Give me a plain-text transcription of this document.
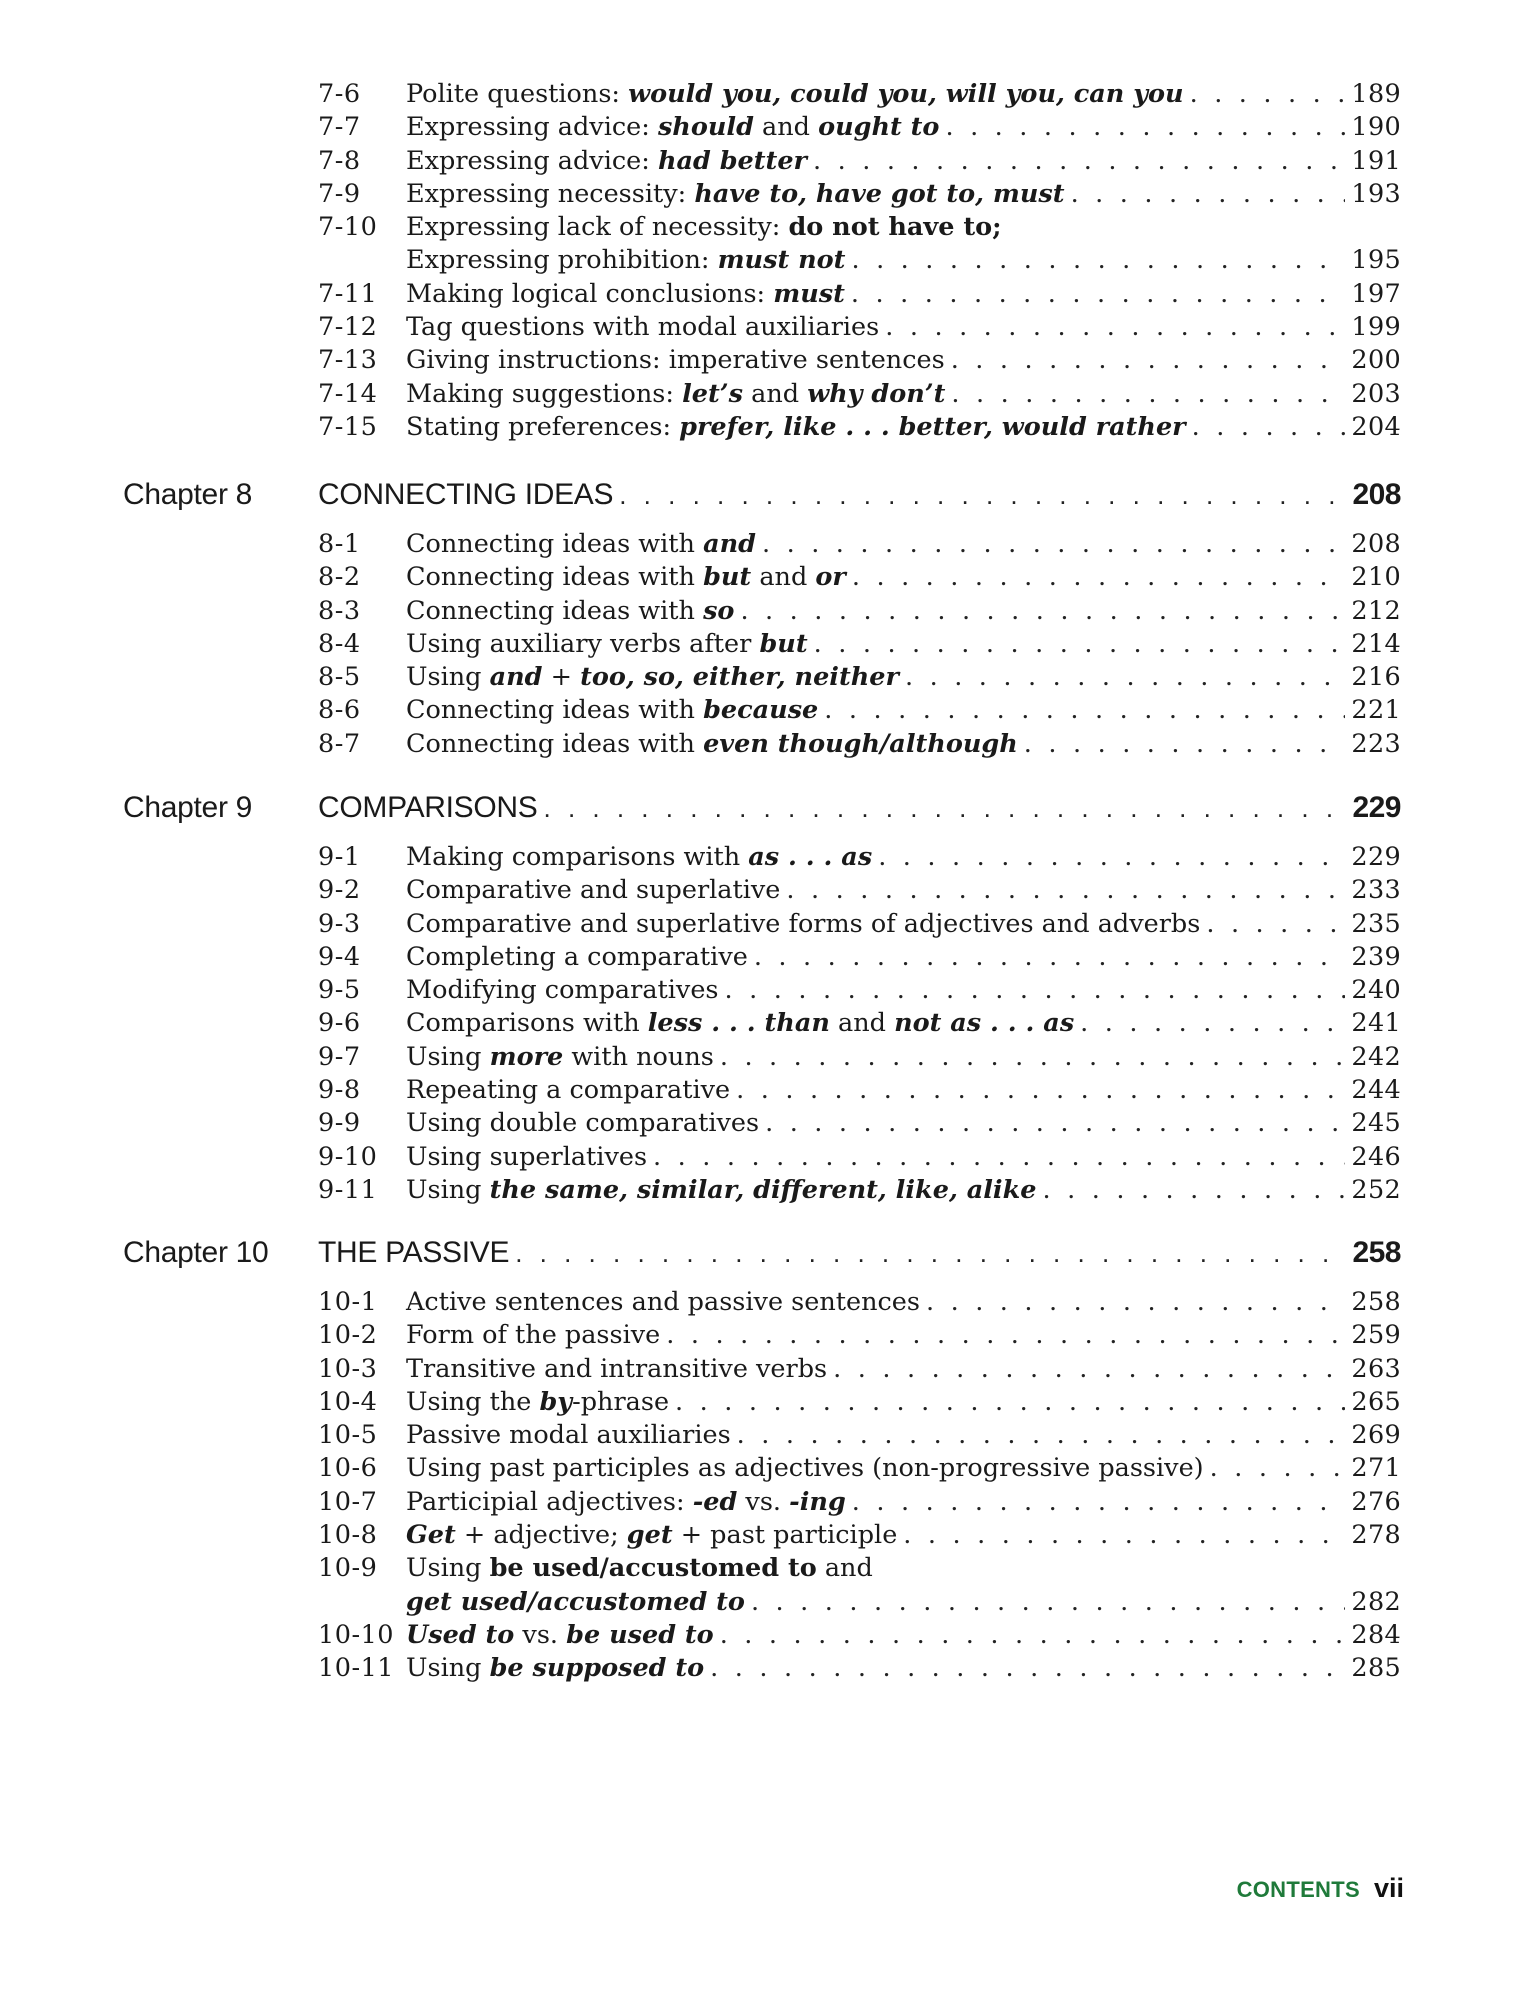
7-6	Polite questions: would you, could you, will you, can you . . .	189
7-7	Expressing advice: should and ought to . . .	190
7-8	Expressing advice: had better . . .	191
7-9	Expressing necessity: have to, have got to, must . . .	193
7-10	Expressing lack of necessity: do not have to;
Expressing prohibition: must not . . .	195
7-11	Making logical conclusions: must . . .	197
7-12	Tag questions with modal auxiliaries . . .	199
7-13	Giving instructions: imperative sentences . . .	200
7-14	Making suggestions: let’s and why don’t . . .	203
7-15	Stating preferences: prefer, like . . . better, would rather . . .	204
Chapter 8 CONNECTING IDEAS . . .	208
8-1	Connecting ideas with and . . .	208
8-2	Connecting ideas with but and or . . .	210
8-3	Connecting ideas with so . . .	212
8-4	Using auxiliary verbs after but . . .	214
8-5	Using and + too, so, either, neither . . .	216
8-6	Connecting ideas with because . . .	221
8-7	Connecting ideas with even though/although . . .	223
Chapter 9 COMPARISONS . . .	229
9-1	Making comparisons with as . . . as . . .	229
9-2	Comparative and superlative . . .	233
9-3	Comparative and superlative forms of adjectives and adverbs . . .	235
9-4	Completing a comparative . . .	239
9-5	Modifying comparatives . . .	240
9-6	Comparisons with less . . . than and not as . . . as . . .	241
9-7	Using more with nouns . . .	242
9-8	Repeating a comparative . . .	244
9-9	Using double comparatives . . .	245
9-10	Using superlatives . . .	246
9-11	Using the same, similar, different, like, alike . . .	252
Chapter 10 THE PASSIVE . . .	258
10-1	Active sentences and passive sentences . . .	258
10-2	Form of the passive . . .	259
10-3	Transitive and intransitive verbs . . .	263
10-4	Using the by-phrase . . .	265
10-5	Passive modal auxiliaries . . .	269
10-6	Using past participles as adjectives (non-progressive passive) . . .	271
10-7	Participial adjectives: -ed vs. -ing . . .	276
10-8	Get + adjective; get + past participle . . .	278
10-9	Using be used/accustomed to and
get used/accustomed to . . .	282
10-10 Used to vs. be used to . . .	284
10-11 Using be supposed to . . .	285
CONTENTS vii
